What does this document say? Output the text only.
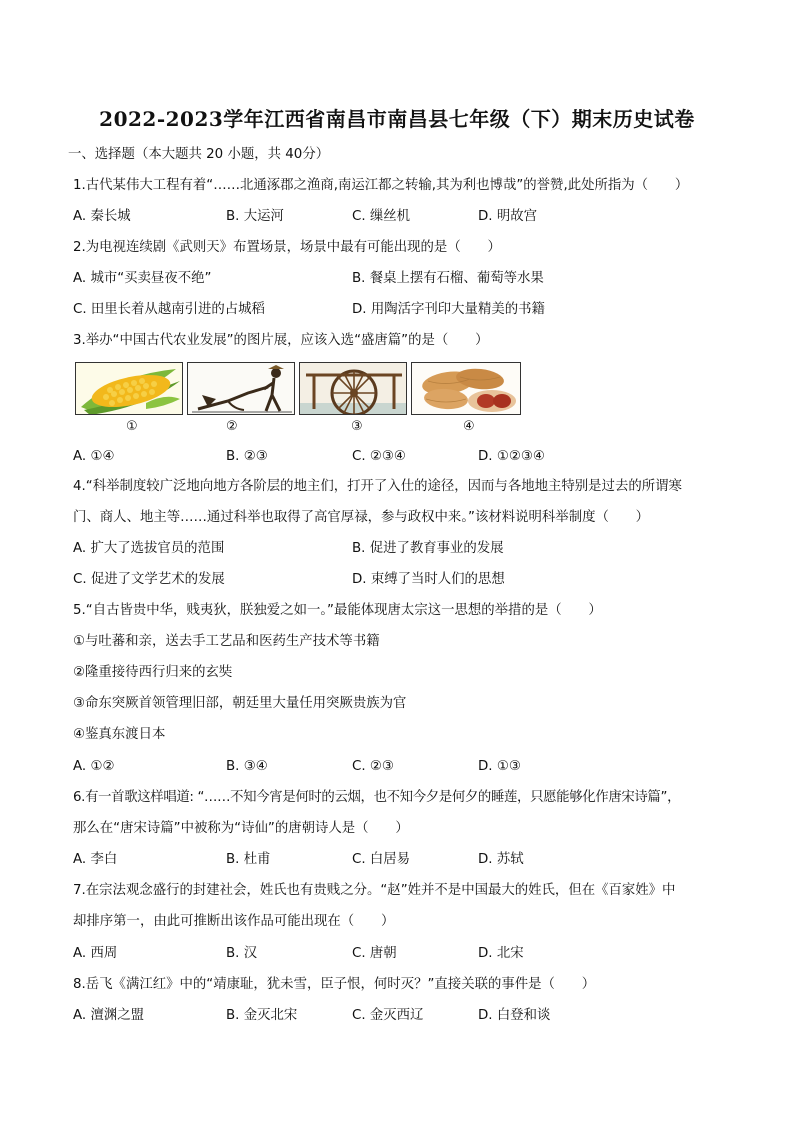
2022-2023学年江西省南昌市南昌县七年级（下）期末历史试卷
一、选择题（本大题共 20 小题，共 40分）
1.古代某伟大工程有着“……北通涿郡之渔商,南运江都之转输,其为利也博哉”的誉赞,此处所指为（　　）
A. 秦长城	B. 大运河	C. 缫丝机	D. 明故宫
2.为电视连续剧《武则天》布置场景，场景中最有可能出现的是（　　）
A. 城市“买卖昼夜不绝”	B. 餐桌上摆有石榴、葡萄等水果
C. 田里长着从越南引进的占城稻	D. 用陶活字刊印大量精美的书籍
3.举办“中国古代农业发展”的图片展，应该入选“盛唐篇”的是（　　）
①	②	③	④
A. ①④	B. ②③	C. ②③④	D. ①②③④
4.“科举制度较广泛地向地方各阶层的地主们，打开了入仕的途径，因而与各地地主特别是过去的所谓寒
门、商人、地主等……通过科举也取得了高官厚禄，参与政权中来。”该材料说明科举制度（　　）
A. 扩大了选拔官员的范围	B. 促进了教育事业的发展
C. 促进了文学艺术的发展	D. 束缚了当时人们的思想
5.“自古皆贵中华，贱夷狄，朕独爱之如一。”最能体现唐太宗这一思想的举措的是（　　）
①与吐蕃和亲，送去手工艺品和医药生产技术等书籍
②隆重接待西行归来的玄奘
③命东突厥首领管理旧部，朝廷里大量任用突厥贵族为官
④鉴真东渡日本
A. ①②	B. ③④	C. ②③	D. ①③
6.有一首歌这样唱道: “……不知今宵是何时的云烟，也不知今夕是何夕的睡莲，只愿能够化作唐宋诗篇”，
那么在“唐宋诗篇”中被称为“诗仙”的唐朝诗人是（　　）
A. 李白	B. 杜甫	C. 白居易	D. 苏轼
7.在宗法观念盛行的封建社会，姓氏也有贵贱之分。“赵”姓并不是中国最大的姓氏，但在《百家姓》中
却排序第一，由此可推断出该作品可能出现在（　　）
A. 西周	B. 汉	C. 唐朝	D. 北宋
8.岳飞《满江红》中的“靖康耻，犹未雪，臣子恨，何时灭？”直接关联的事件是（　　）
A. 澶渊之盟	B. 金灭北宋	C. 金灭西辽	D. 白登和谈
